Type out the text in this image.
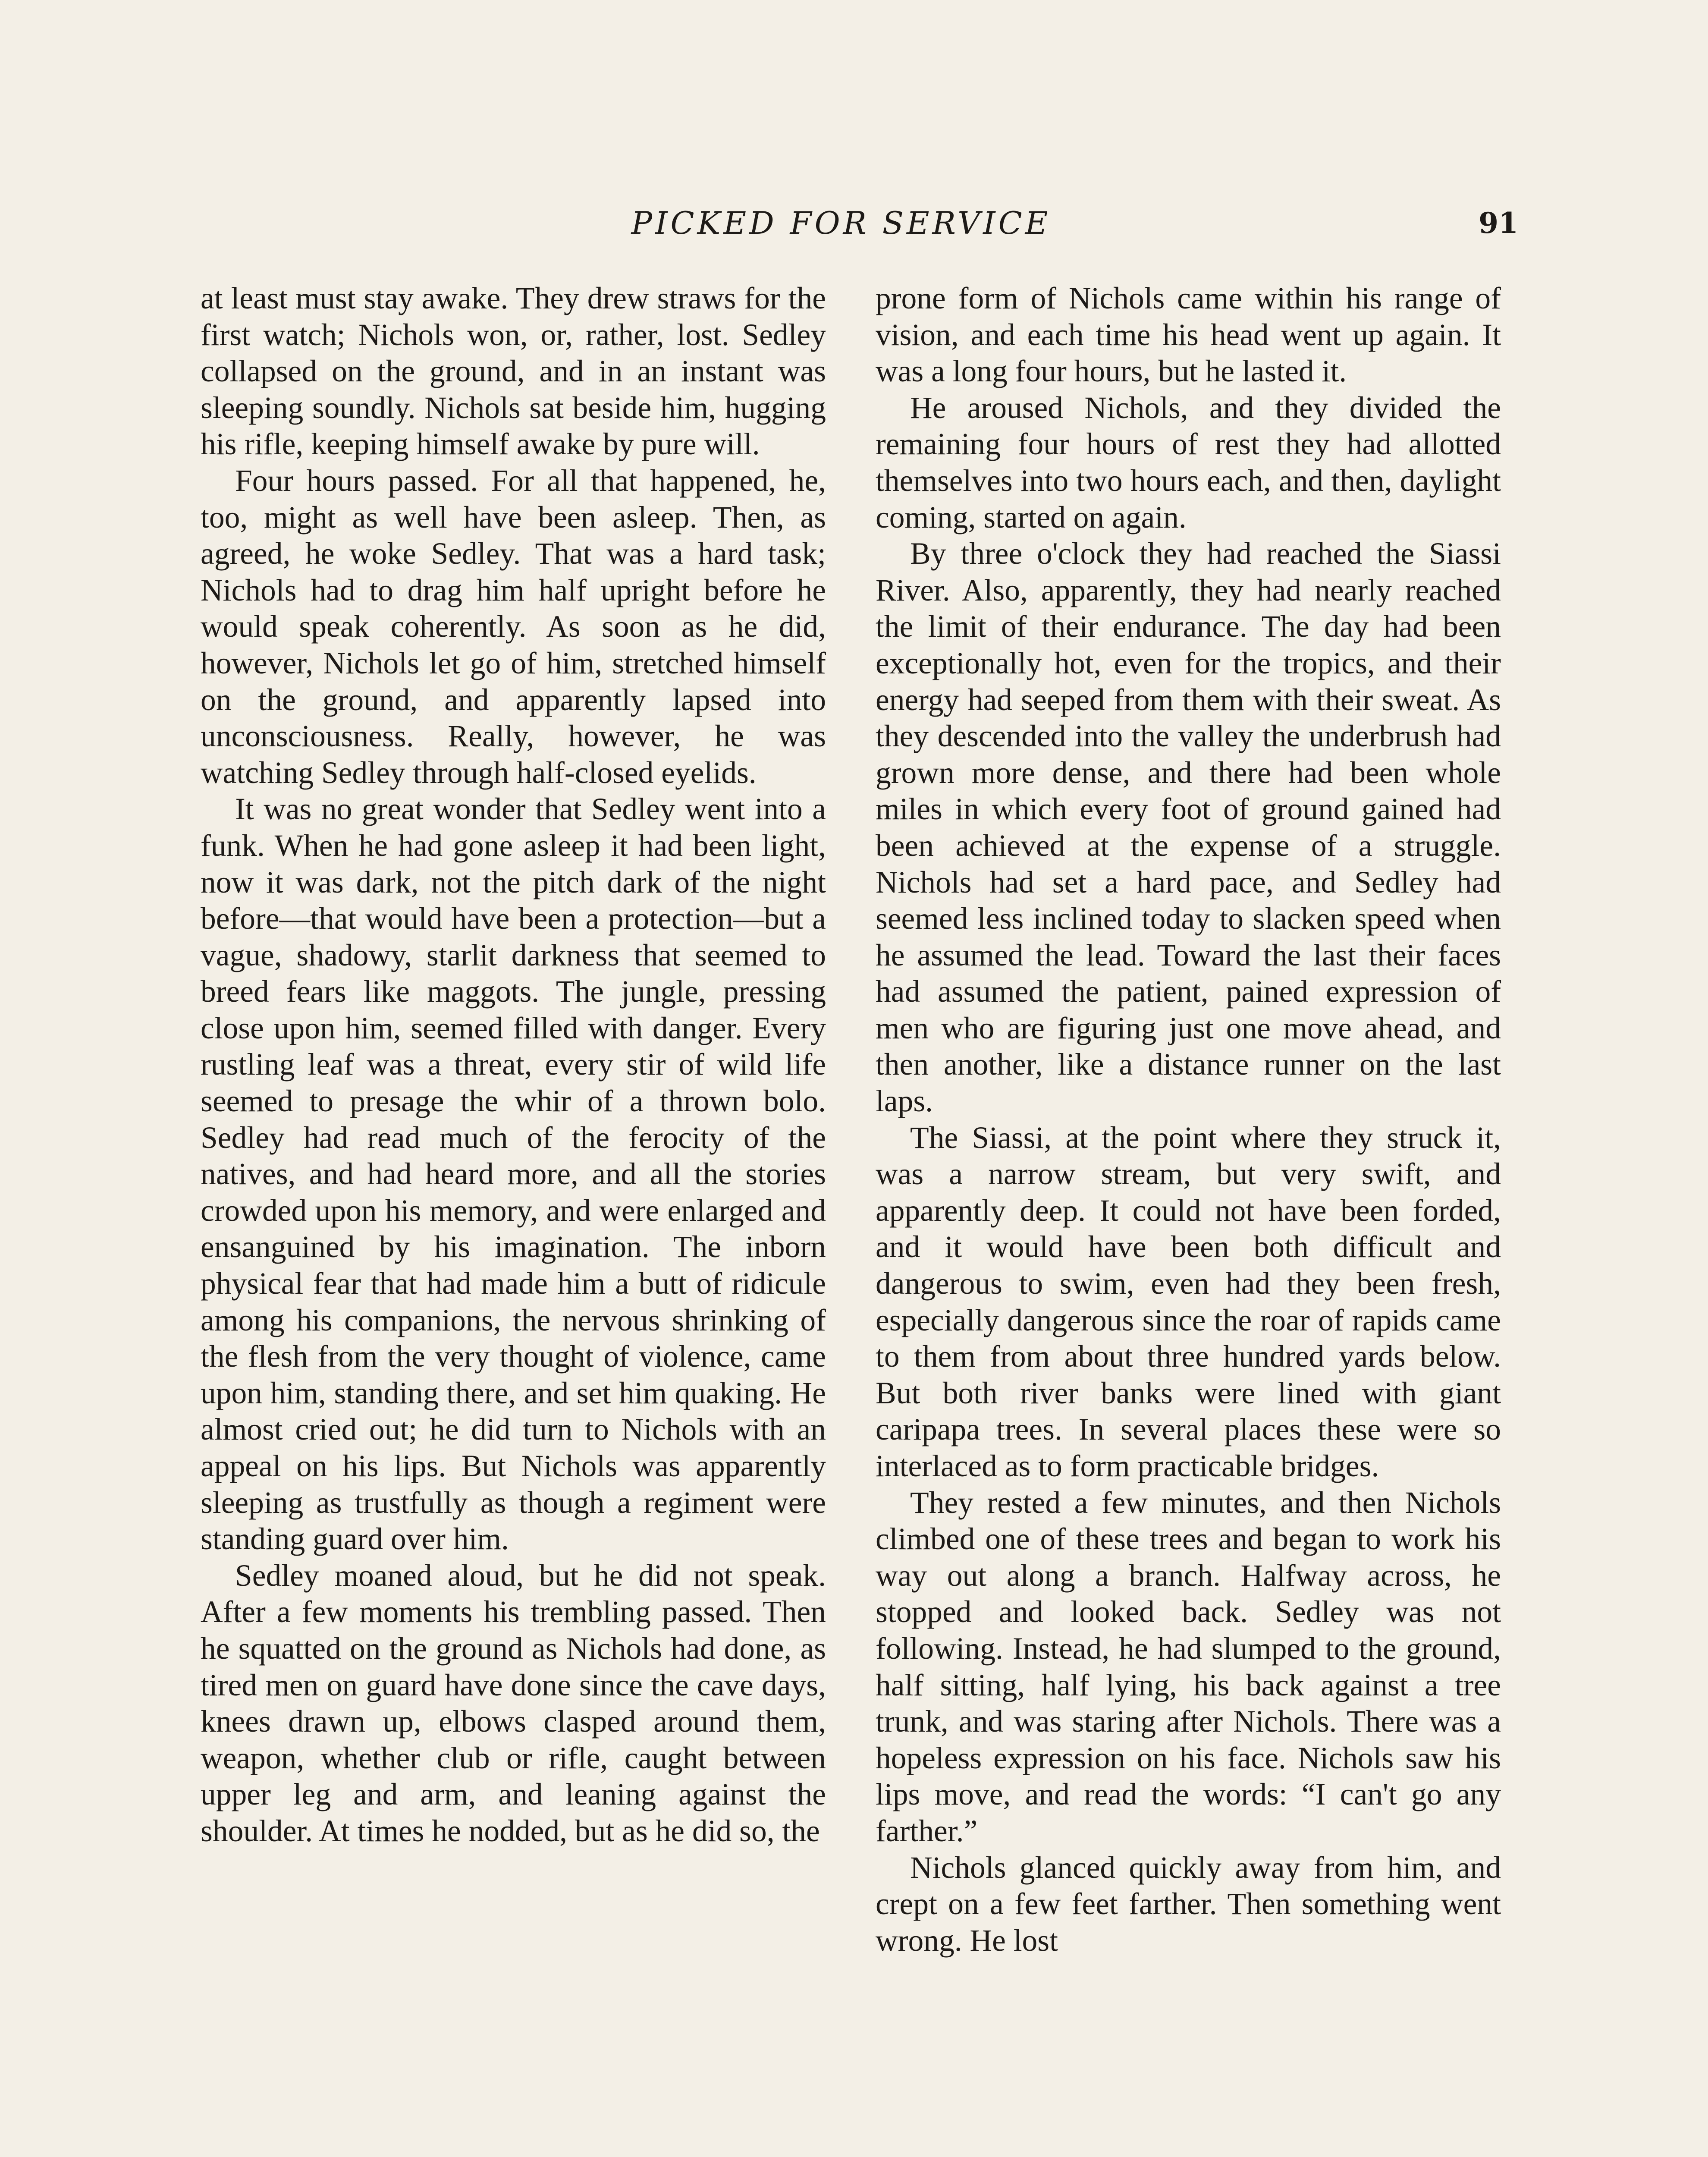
PICKED FOR SERVICE	91

at least must stay awake. They drew straws for the first watch; Nichols won, or, rather, lost. Sedley collapsed on the ground, and in an instant was sleeping soundly. Nichols sat beside him, hugging his rifle, keeping himself awake by pure will.

Four hours passed. For all that happened, he, too, might as well have been asleep. Then, as agreed, he woke Sedley. That was a hard task; Nichols had to drag him half upright before he would speak coherently. As soon as he did, however, Nichols let go of him, stretched himself on the ground, and apparently lapsed into unconsciousness. Really, however, he was watching Sedley through half-closed eyelids.

It was no great wonder that Sedley went into a funk. When he had gone asleep it had been light, now it was dark, not the pitch dark of the night before—that would have been a protection—but a vague, shadowy, starlit darkness that seemed to breed fears like maggots. The jungle, pressing close upon him, seemed filled with danger. Every rustling leaf was a threat, every stir of wild life seemed to presage the whir of a thrown bolo. Sedley had read much of the ferocity of the natives, and had heard more, and all the stories crowded upon his memory, and were enlarged and ensanguined by his imagination. The inborn physical fear that had made him a butt of ridicule among his companions, the nervous shrinking of the flesh from the very thought of violence, came upon him, standing there, and set him quaking. He almost cried out; he did turn to Nichols with an appeal on his lips. But Nichols was apparently sleeping as trustfully as though a regiment were standing guard over him.

Sedley moaned aloud, but he did not speak. After a few moments his trembling passed. Then he squatted on the ground as Nichols had done, as tired men on guard have done since the cave days, knees drawn up, elbows clasped around them, weapon, whether club or rifle, caught between upper leg and arm, and leaning against the shoulder. At times he nodded, but as he did so, the

prone form of Nichols came within his range of vision, and each time his head went up again. It was a long four hours, but he lasted it.

He aroused Nichols, and they divided the remaining four hours of rest they had allotted themselves into two hours each, and then, daylight coming, started on again.

By three o'clock they had reached the Siassi River. Also, apparently, they had nearly reached the limit of their endurance. The day had been exceptionally hot, even for the tropics, and their energy had seeped from them with their sweat. As they descended into the valley the underbrush had grown more dense, and there had been whole miles in which every foot of ground gained had been achieved at the expense of a struggle. Nichols had set a hard pace, and Sedley had seemed less inclined today to slacken speed when he assumed the lead. Toward the last their faces had assumed the patient, pained expression of men who are figuring just one move ahead, and then another, like a distance runner on the last laps.

The Siassi, at the point where they struck it, was a narrow stream, but very swift, and apparently deep. It could not have been forded, and it would have been both difficult and dangerous to swim, even had they been fresh, especially dangerous since the roar of rapids came to them from about three hundred yards below. But both river banks were lined with giant caripapa trees. In several places these were so interlaced as to form practicable bridges.

They rested a few minutes, and then Nichols climbed one of these trees and began to work his way out along a branch. Halfway across, he stopped and looked back. Sedley was not following. Instead, he had slumped to the ground, half sitting, half lying, his back against a tree trunk, and was staring after Nichols. There was a hopeless expression on his face. Nichols saw his lips move, and read the words: “I can't go any farther.”

Nichols glanced quickly away from him, and crept on a few feet farther. Then something went wrong. He lost
